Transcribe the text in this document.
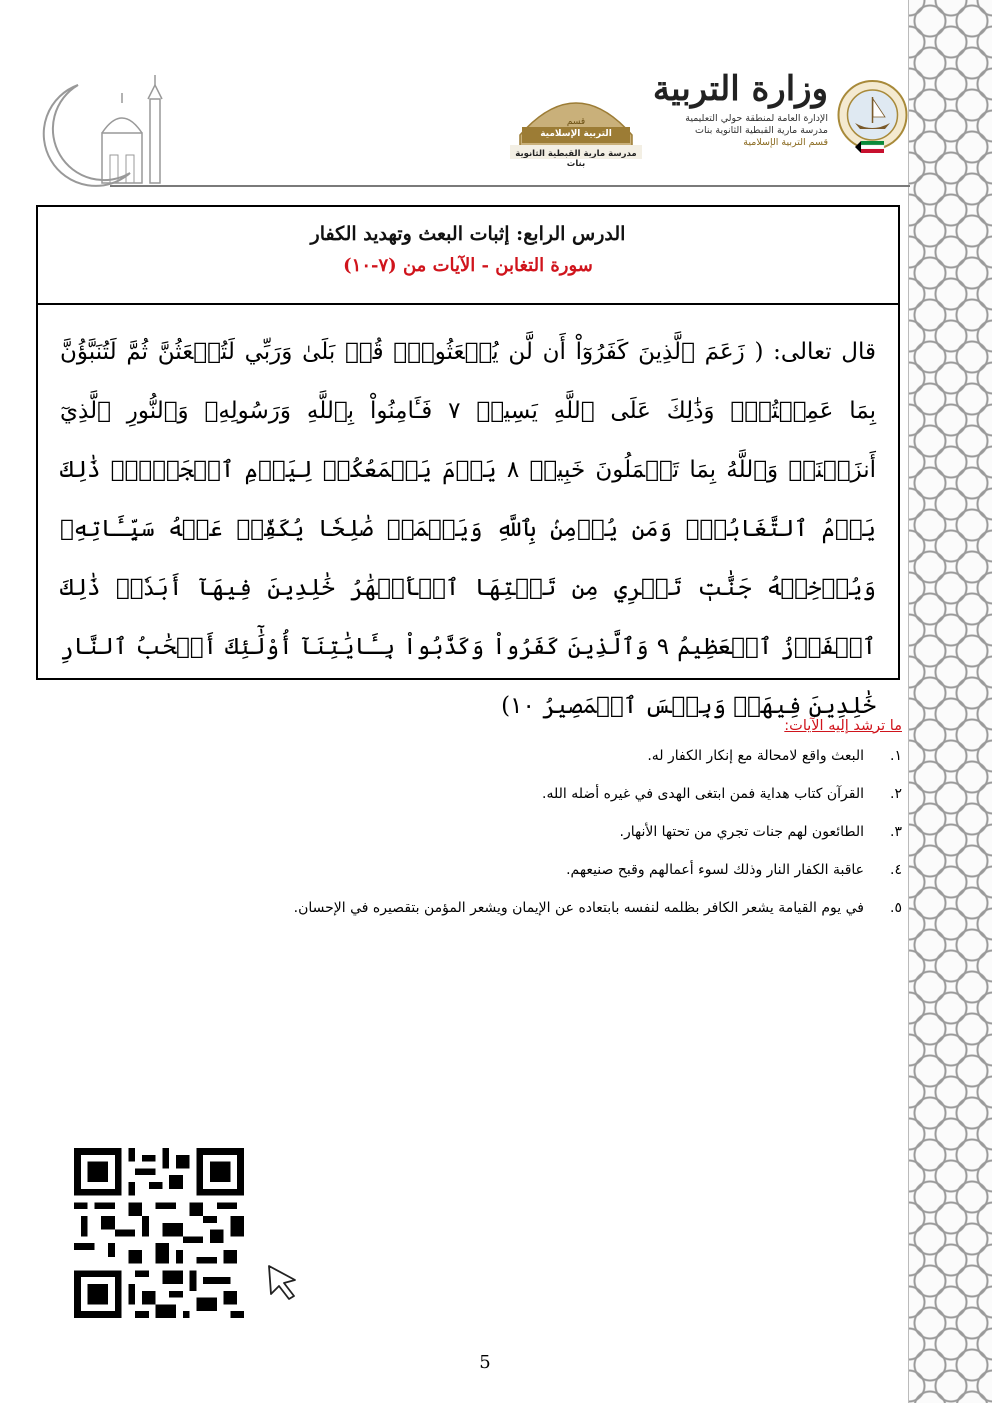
قسم
التربية الإسلامية
مدرسة مارية القبطية الثانوية بنات
وزارة التربية
الإدارة العامة لمنطقة حولي التعليمية
مدرسة مارية القبطية الثانوية بنات
قسم التربية الإسلامية
الدرس الرابع: إثبات البعث وتهديد الكفار
سورة التغابن - الآيات من (٧-١٠)

قال تعالى: ( زَعَمَ ٱلَّذِينَ كَفَرُوٓاْ أَن لَّن يُبۡعَثُواْۚ قُلۡ بَلَىٰ وَرَبِّي لَتُبۡعَثُنَّ ثُمَّ لَتُنَبَّؤُنَّ بِمَا عَمِلۡتُمۡۚ وَذَٰلِكَ عَلَى ٱللَّهِ يَسِيرٞ ٧ فَـَٔامِنُواْ بِٱللَّهِ وَرَسُولِهِۦ وَٱلنُّورِ ٱلَّذِيٓ أَنزَلۡنَاۚ وَٱللَّهُ بِمَا تَعۡمَلُونَ خَبِيرٞ ٨ يَوۡمَ يَجۡمَعُكُمۡ لِيَوۡمِ ٱلۡجَمۡعِۖ ذَٰلِكَ يَوۡمُ ٱلتَّغَابُنِۗ وَمَن يُؤۡمِنۢ بِٱللَّهِ وَيَعۡمَلۡ صَٰلِحٗا يُكَفِّرۡ عَنۡهُ سَيِّـَٔاتِهِۦ وَيُدۡخِلۡهُ جَنَّٰتٖ تَجۡرِي مِن تَحۡتِهَا ٱلۡأَنۡهَٰرُ خَٰلِدِينَ فِيهَآ أَبَدٗاۚ ذَٰلِكَ ٱلۡفَوۡزُ ٱلۡعَظِيمُ ٩ وَٱلَّذِينَ كَفَرُواْ وَكَذَّبُواْ بِـَٔايَٰتِنَآ أُوْلَٰٓئِكَ أَصۡحَٰبُ ٱلنَّارِ خَٰلِدِينَ فِيهَاۖ وَبِئۡسَ ٱلۡمَصِيرُ ١٠)

ما ترشد إليه الآيات:
١.
البعث واقع لامحالة مع إنكار الكفار له.
٢.
القرآن كتاب هداية فمن ابتغى الهدى في غيره أضله الله.
٣.
الطائعون لهم جنات تجري من تحتها الأنهار.
٤.
عاقبة الكفار النار وذلك لسوء أعمالهم وقبح صنيعهم.
٥.
في يوم القيامة يشعر الكافر بظلمه لنفسه بابتعاده عن الإيمان ويشعر المؤمن بتقصيره في الإحسان.
5
